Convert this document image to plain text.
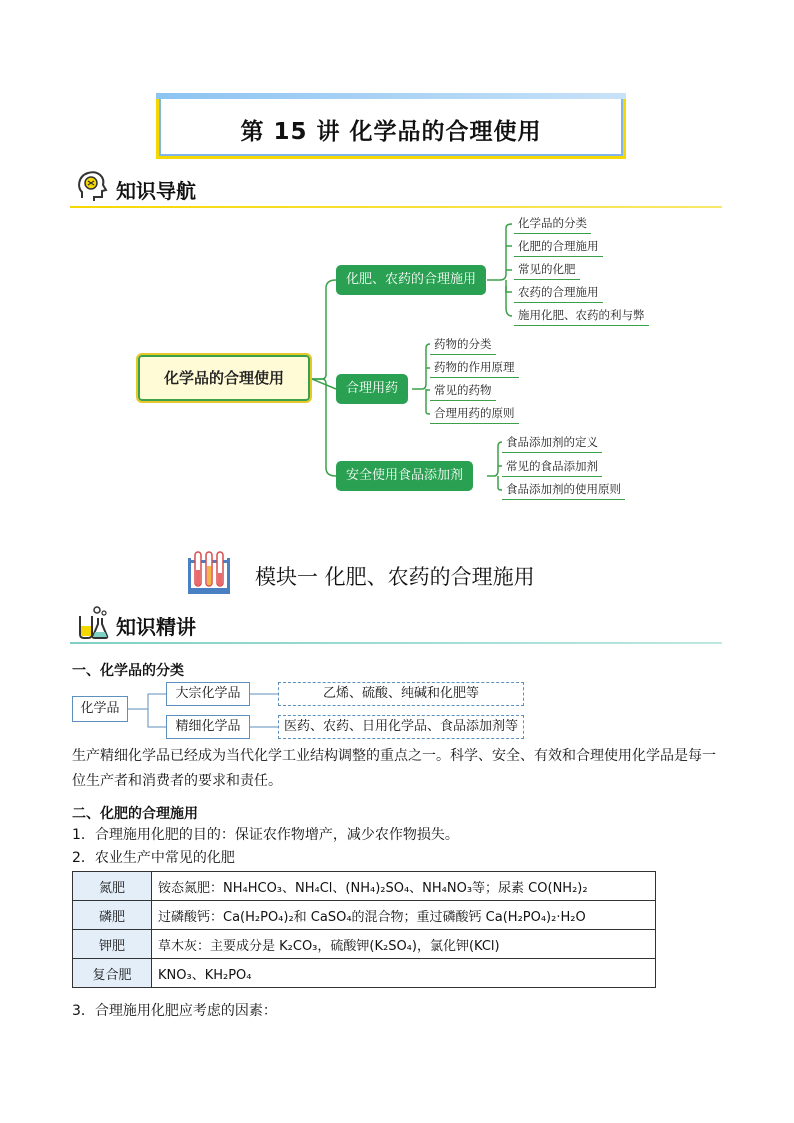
第 15 讲 化学品的合理使用
知识导航
化学品的合理使用
化肥、农药的合理施用
化学品的分类
化肥的合理施用
常见的化肥
农药的合理施用
施用化肥、农药的利与弊
合理用药
药物的分类
药物的作用原理
常见的药物
合理用药的原则
安全使用食品添加剂
食品添加剂的定义
常见的食品添加剂
食品添加剂的使用原则
模块一 化肥、农药的合理施用
知识精讲
一、化学品的分类
化学品
大宗化学品
精细化学品
乙烯、硫酸、纯碱和化肥等
医药、农药、日用化学品、食品添加剂等

生产精细化学品已经成为当代化学工业结构调整的重点之一。科学、安全、有效和合理使用化学品是每一位生产者和消费者的要求和责任。

二、化肥的合理施用

1．合理施用化肥的目的：保证农作物增产，减少农作物损失。

2．农业生产中常见的化肥

氮肥	铵态氮肥：NH₄HCO₃、NH₄Cl、(NH₄)₂SO₄、NH₄NO₃等；尿素 CO(NH₂)₂
磷肥	过磷酸钙：Ca(H₂PO₄)₂和 CaSO₄的混合物；重过磷酸钙 Ca(H₂PO₄)₂·H₂O
钾肥	草木灰：主要成分是 K₂CO₃，硫酸钾(K₂SO₄)，氯化钾(KCl)
复合肥	KNO₃、KH₂PO₄

3．合理施用化肥应考虑的因素：
